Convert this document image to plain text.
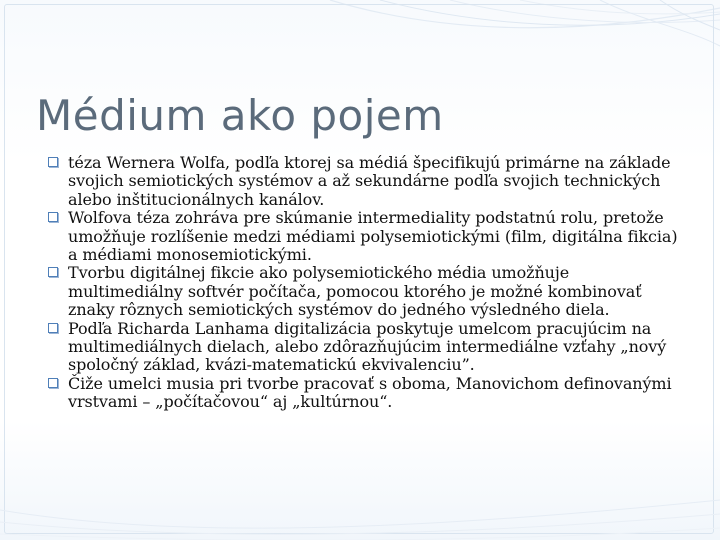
Médium ako pojem
téza Wernera Wolfa, podľa ktorej sa médiá špecifikujú primárne na základe svojich semiotických systémov a až sekundárne podľa svojich technických alebo inštitucionálnych kanálov.
Wolfova téza zohráva pre skúmanie intermediality podstatnú rolu, pretože umožňuje rozlíšenie medzi médiami polysemiotickými (film, digitálna fikcia) a médiami monosemiotickými.
Tvorbu digitálnej fikcie ako polysemiotického média umožňuje multimediálny softvér počítača, pomocou ktorého je možné kombinovať znaky rôznych semiotických systémov do jedného výsledného diela.
Podľa Richarda Lanhama digitalizácia poskytuje umelcom pracujúcim na multimediálnych dielach, alebo zdôrazňujúcim intermediálne vzťahy „nový spoločný základ, kvázi-matematickú ekvivalenciu”.
Čiže umelci musia pri tvorbe pracovať s oboma, Manovichom definovanými vrstvami – „počítačovou“ aj „kultúrnou“.
